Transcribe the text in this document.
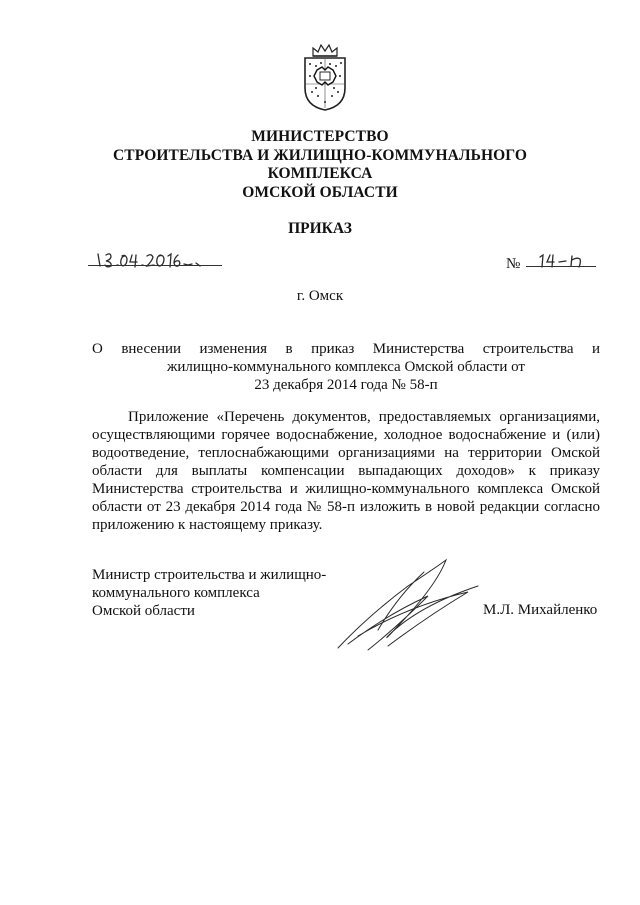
МИНИСТЕРСТВО
СТРОИТЕЛЬСТВА И ЖИЛИЩНО-КОММУНАЛЬНОГО
КОМПЛЕКСА
ОМСКОЙ ОБЛАСТИ
ПРИКАЗ
№
г. Омск
О внесении изменения в приказ Министерства строительства и
жилищно-коммунального комплекса Омской области от
23 декабря 2014 года № 58-п
Приложение «Перечень документов, предоставляемых организациями, осуществляющими горячее водоснабжение, холодное водоснабжение и (или) водоотведение, теплоснабжающими организациями на территории Омской области для выплаты компенсации выпадающих доходов» к приказу Министерства строительства и жилищно-коммунального комплекса Омской области от 23 декабря 2014 года № 58-п изложить в новой редакции согласно приложению к настоящему приказу.
Министр строительства и жилищно-
коммунального комплекса
Омской области	М.Л. Михайленко
